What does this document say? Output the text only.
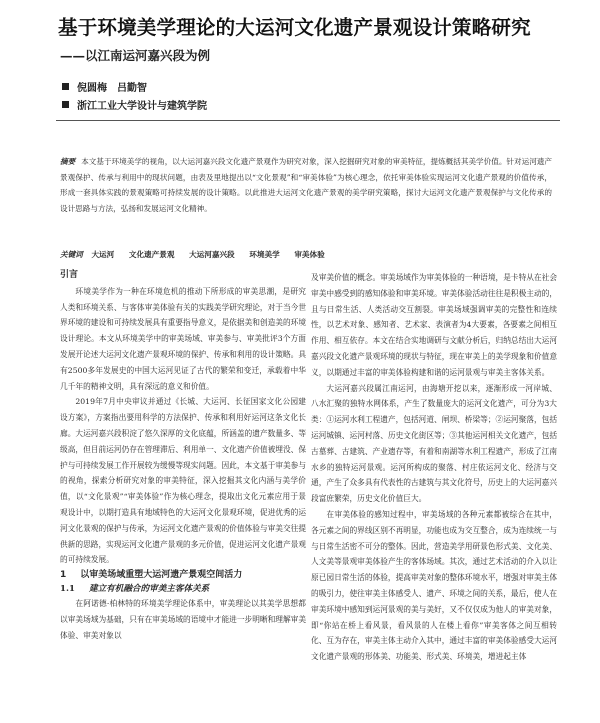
基于环境美学理论的大运河文化遗产景观设计策略研究
——以江南运河嘉兴段为例
倪圆梅　吕勤智
浙江工业大学设计与建筑学院
摘要 本文基于环境美学的视角，以大运河嘉兴段文化遗产景观作为研究对象，深入挖掘研究对象的审美特征，提炼概括其美学价值。针对运河遗产景观保护、传承与利用中的现状问题，由表及里地提出以“文化景观”和“审美体验”为核心理念，依托审美体验实现运河文化遗产景观的价值传承，形成一套具体实践的景观策略可持续发展的设计策略。以此推进大运河文化遗产景观的美学研究策略，探讨大运河文化遗产景观保护与文化传承的设计思路与方法，弘扬和发展运河文化精神。
关键词 大运河 文化遗产景观 大运河嘉兴段 环境美学 审美体验

引言

环境美学作为一种在环境危机的推动下所形成的审美思潮，是研究人类和环境关系、与客体审美体验有关的实践美学研究理论，对于当今世界环境的建设和可持续发展具有重要指导意义，是依据美和创造美的环境设计理论。本文从环境美学中的审美场域、审美参与、审美批评3个方面发展开论述大运河文化遗产景观环境的保护、传承和利用的设计策略。具有2500多年发展史的中国大运河见证了古代的繁荣和变迁，承载着中华几千年的精神文明，具有深远的意义和价值。

2019年7月中央审议并通过《长城、大运河、长征国家文化公园建设方案》，方案指出要用科学的方法保护、传承和利用好运河这条文化长廊。大运河嘉兴段积淀了悠久深厚的文化底蕴，所涵盖的遗产数量多、等级高，但目前运河仍存在管理滞后、利用单一、文化遗产价值被埋没、保护与可持续发展工作开展较为缓慢等现实问题。因此，本文基于审美参与的视角，探索分析研究对象的审美特征，深入挖掘其文化内涵与美学价值，以“文化景观”“审美体验”作为核心理念，提取出文化元素应用于景观设计中，以期打造具有地域特色的大运河文化景观环境，促进优秀的运河文化景观的保护与传承，为运河文化遗产景观的价值体验与审美交往提供新的思路，实现运河文化遗产景观的多元价值，促进运河文化遗产景观的可持续发展。

1 以审美场域重塑大运河遗产景观空间活力

1.1 建立有机融合的审美主客体关系

在阿诺德·柏林特的环境美学理论体系中，审美理论以其美学思想都以审美场域为基础，只有在审美场域的语境中才能进一步明晰和理解审美体验、审美对象以

及审美价值的概念。审美场域作为审美体验的一种语境，是卡特从在社会审美中感受到的感知体验和审美环境。审美体验活动往往是积极主动的，且与日常生活、人类活动交互割裂。审美场域强调审美的完整性和连续性，以艺术对象、感知者、艺术家、表演者为4大要素，各要素之间相互作用、相互依存。本文在结合实地调研与文献分析后，归纳总结出大运河嘉兴段文化遗产景观环境的现状与特征，现在审美上的美学现象和价值意义，以期通过丰富的审美体验构建和谐的运河景观与审美主客体关系。

大运河嘉兴段属江南运河，由海塘开挖以来，逐渐形成一河岸城、八水汇聚的独特水网体系，产生了数量庞大的运河文化遗产，可分为3大类：①运河水利工程遗产，包括河道、闸坝、桥梁等；②运河聚落，包括运河城镇、运河村落、历史文化街区等；③其他运河相关文化遗产，包括古墓葬、古建筑、产业遗存等，有着和南湖等水利工程遗产，形成了江南水乡的独特运河景观。运河所构成的聚落、村庄依运河文化、经济与交通，产生了众多具有代表性的古建筑与其文化符号，历史上的大运河嘉兴段富庶繁荣，历史文化价值巨大。

在审美体验的感知过程中，审美场域的各种元素都被综合在其中，各元素之间的界线区别不再明显，功能也成为交互整合，成为连续统一与与日常生活密不可分的整体。因此，营造美学用研景色形式美、文化美、人文美等景观审美体验产生的客体场域。其次，通过艺术活动的介入以让原已园日常生活的体验，提高审美对象的整体环境水平，增强对审美主体的吸引力，使往审美主体感受人、遗产、环境之间的关系，最后，使人在审美环境中感知到运河景观的美与美好，又不仅仅成为他人的审美对象，即“你站在桥上看风景，看风景的人在楼上看你”审美客体之间互相转化、互为存在，审美主体主动介入其中，通过丰富的审美体验感受大运河文化遗产景观的形体美、功能美、形式美、环境美，增进起主体
